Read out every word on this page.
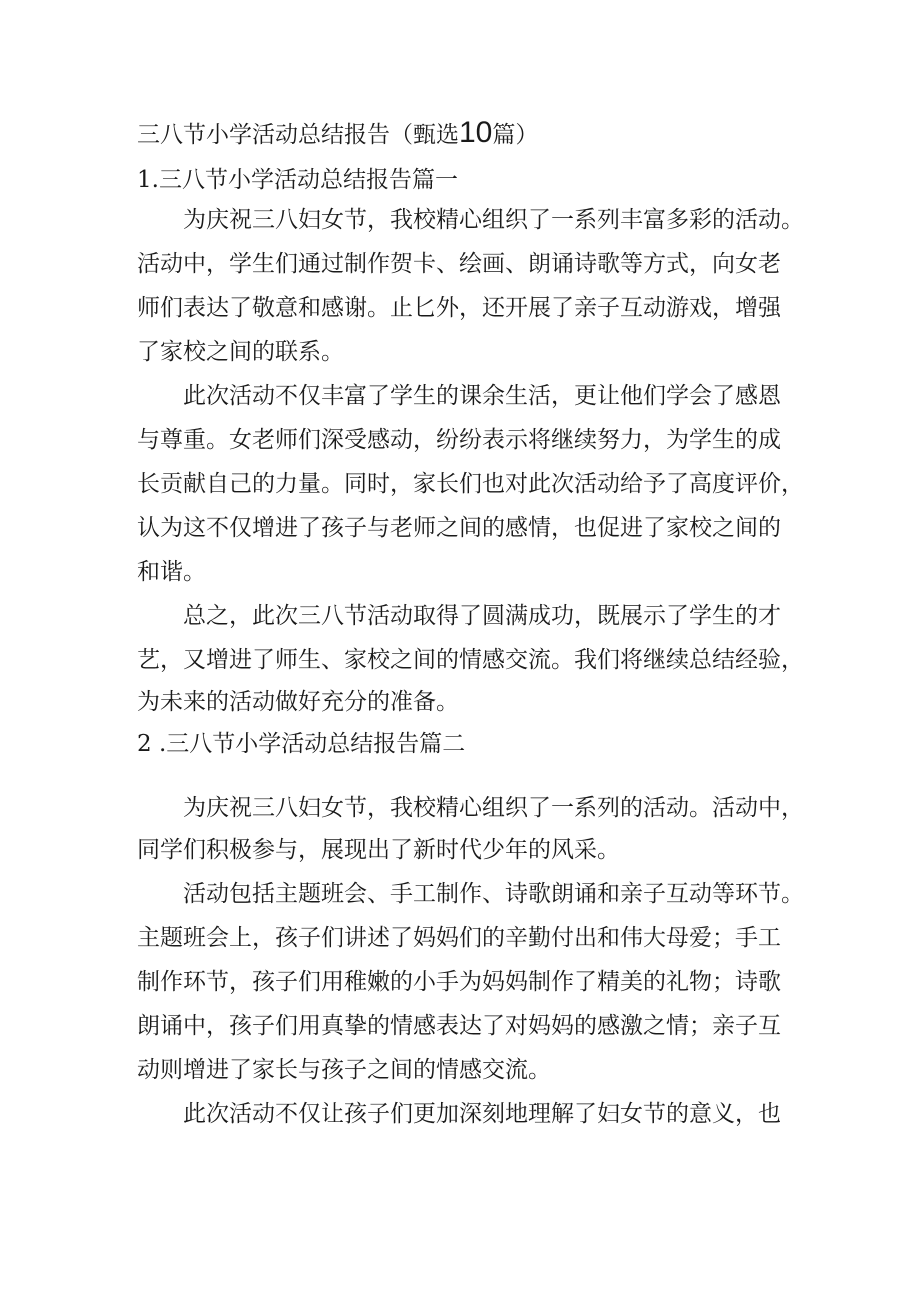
三八节小学活动总结报告（甄选10篇）
1.三八节小学活动总结报告篇一
为庆祝三八妇女节，我校精心组织了一系列丰富多彩的活动。
活动中，学生们通过制作贺卡、绘画、朗诵诗歌等方式，向女老
师们表达了敬意和感谢。止匕外，还开展了亲子互动游戏，增强
了家校之间的联系。
此次活动不仅丰富了学生的课余生活，更让他们学会了感恩
与尊重。女老师们深受感动，纷纷表示将继续努力，为学生的成
长贡献自己的力量。同时，家长们也对此次活动给予了高度评价，
认为这不仅增进了孩子与老师之间的感情，也促进了家校之间的
和谐。
总之，此次三八节活动取得了圆满成功，既展示了学生的才
艺，又增进了师生、家校之间的情感交流。我们将继续总结经验，
为未来的活动做好充分的准备。
2 .三八节小学活动总结报告篇二
为庆祝三八妇女节，我校精心组织了一系列的活动。活动中，
同学们积极参与，展现出了新时代少年的风采。
活动包括主题班会、手工制作、诗歌朗诵和亲子互动等环节。
主题班会上，孩子们讲述了妈妈们的辛勤付出和伟大母爱；手工
制作环节，孩子们用稚嫩的小手为妈妈制作了精美的礼物；诗歌
朗诵中，孩子们用真挚的情感表达了对妈妈的感激之情；亲子互
动则增进了家长与孩子之间的情感交流。
此次活动不仅让孩子们更加深刻地理解了妇女节的意义，也
